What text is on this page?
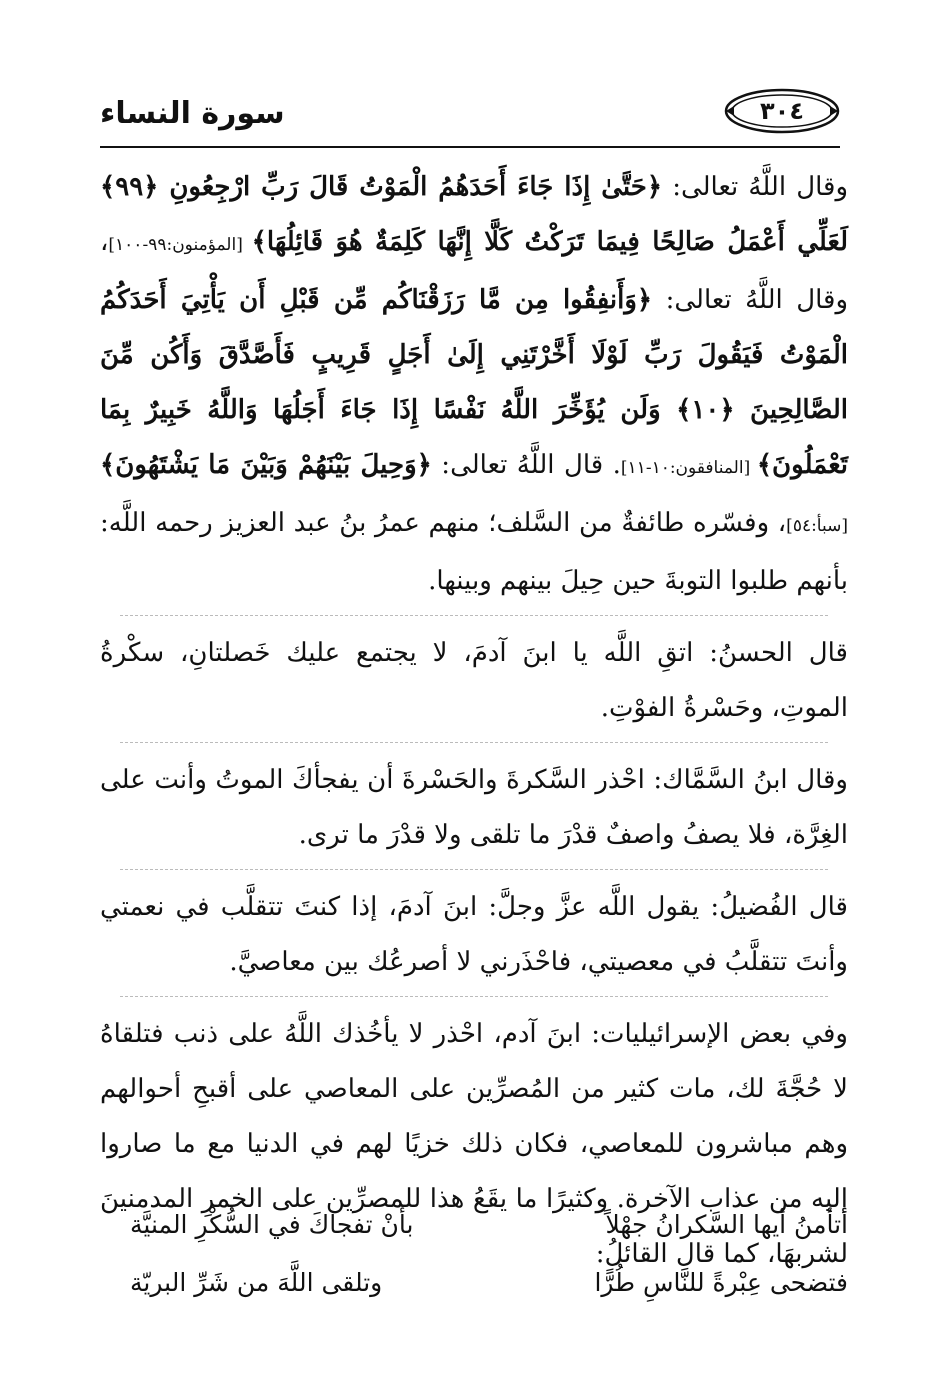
سورة النساء	٣٠٤

وقال اللَّهُ تعالى: ﴿حَتَّىٰ إِذَا جَاءَ أَحَدَهُمُ الْمَوْتُ قَالَ رَبِّ ارْجِعُونِ ﴿٩٩﴾ لَعَلِّي أَعْمَلُ صَالِحًا فِيمَا تَرَكْتُ كَلَّا إِنَّهَا كَلِمَةٌ هُوَ قَائِلُهَا﴾ [المؤمنون:٩٩-١٠٠]، وقال اللَّهُ تعالى: ﴿وَأَنفِقُوا مِن مَّا رَزَقْنَاكُم مِّن قَبْلِ أَن يَأْتِيَ أَحَدَكُمُ الْمَوْتُ فَيَقُولَ رَبِّ لَوْلَا أَخَّرْتَنِي إِلَىٰ أَجَلٍ قَرِيبٍ فَأَصَّدَّقَ وَأَكُن مِّنَ الصَّالِحِينَ ﴿١٠﴾ وَلَن يُؤَخِّرَ اللَّهُ نَفْسًا إِذَا جَاءَ أَجَلُهَا وَاللَّهُ خَبِيرٌ بِمَا تَعْمَلُونَ﴾ [المنافقون:١٠-١١]. قال اللَّهُ تعالى: ﴿وَحِيلَ بَيْنَهُمْ وَبَيْنَ مَا يَشْتَهُونَ﴾ [سبأ:٥٤]، وفسّره طائفةٌ من السَّلف؛ منهم عمرُ بنُ عبد العزيز رحمه اللَّه: بأنهم طلبوا التوبةَ حين حِيلَ بينهم وبينها.

قال الحسنُ: اتقِ اللَّه يا ابنَ آدمَ، لا يجتمع عليك خَصلتانِ، سكْرةُ الموتِ، وحَسْرةُ الفوْتِ.

وقال ابنُ السَّمَّاك: احْذر السَّكرةَ والحَسْرةَ أن يفجأكَ الموتُ وأنت على الغِرَّة، فلا يصفُ واصفٌ قدْرَ ما تلقى ولا قدْرَ ما ترى.

قال الفُضيلُ: يقول اللَّه عزَّ وجلَّ: ابنَ آدمَ، إذا كنتَ تتقلَّب في نعمتي وأنتَ تتقلَّبُ في معصيتي، فاحْذَرني لا أصرعُك بين معاصيَّ.

وفي بعض الإسرائيليات: ابنَ آدم، احْذر لا يأخُذك اللَّهُ على ذنب فتلقاهُ لا حُجَّةَ لك، مات كثير من المُصرِّين على المعاصي على أقبحِ أحوالهم وهم مباشرون للمعاصي، فكان ذلك خزيًا لهم في الدنيا مع ما صاروا إليه من عذاب الآخرة. وكثيرًا ما يقَعُ هذا للمصرِّين على الخمرِ المدمنينَ لشربهَا، كما قال القائلُ:

أتأمنُ أيها السَّكرانُ جهْلاً
بأنْ تفجاكَ في السُّكْرِ المنيَّة
فتضحى عِبْرةً للنَّاسِ طُرًّا
وتلقى اللَّهَ من شَرِّ البريّة
